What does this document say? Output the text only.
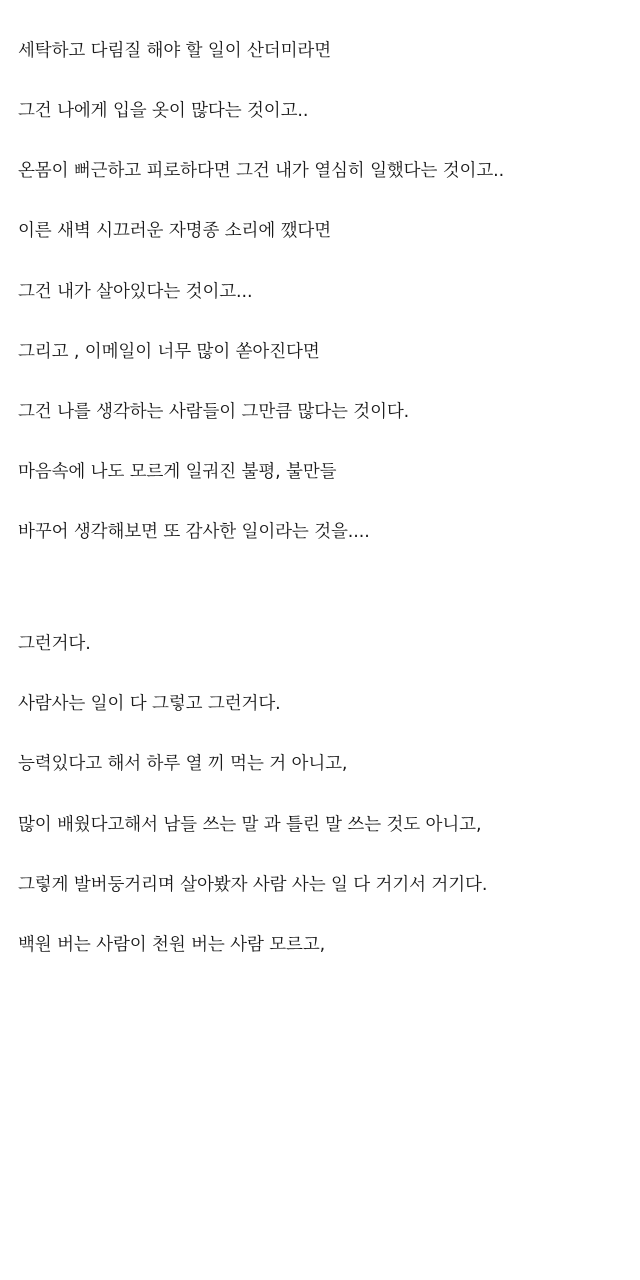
세탁하고 다림질 해야 할 일이 산더미라면

그건 나에게 입을 옷이 많다는 것이고..

온몸이 뻐근하고 피로하다면 그건 내가 열심히 일했다는 것이고..

이른 새벽 시끄러운 자명종 소리에 깼다면

그건 내가 살아있다는 것이고...

그리고 , 이메일이 너무 많이 쏟아진다면

그건 나를 생각하는 사람들이 그만큼 많다는 것이다.

마음속에 나도 모르게 일궈진 불평, 불만들

바꾸어 생각해보면 또 감사한 일이라는 것을....

그런거다.

사람사는 일이 다 그렇고 그런거다.

능력있다고 해서 하루 열 끼 먹는 거 아니고,

많이 배웠다고해서 남들 쓰는 말 과 틀린 말 쓰는 것도 아니고,

그렇게 발버둥거리며 살아봤자 사람 사는 일 다 거기서 거기다.

백원 버는 사람이 천원 버는 사람 모르고,
